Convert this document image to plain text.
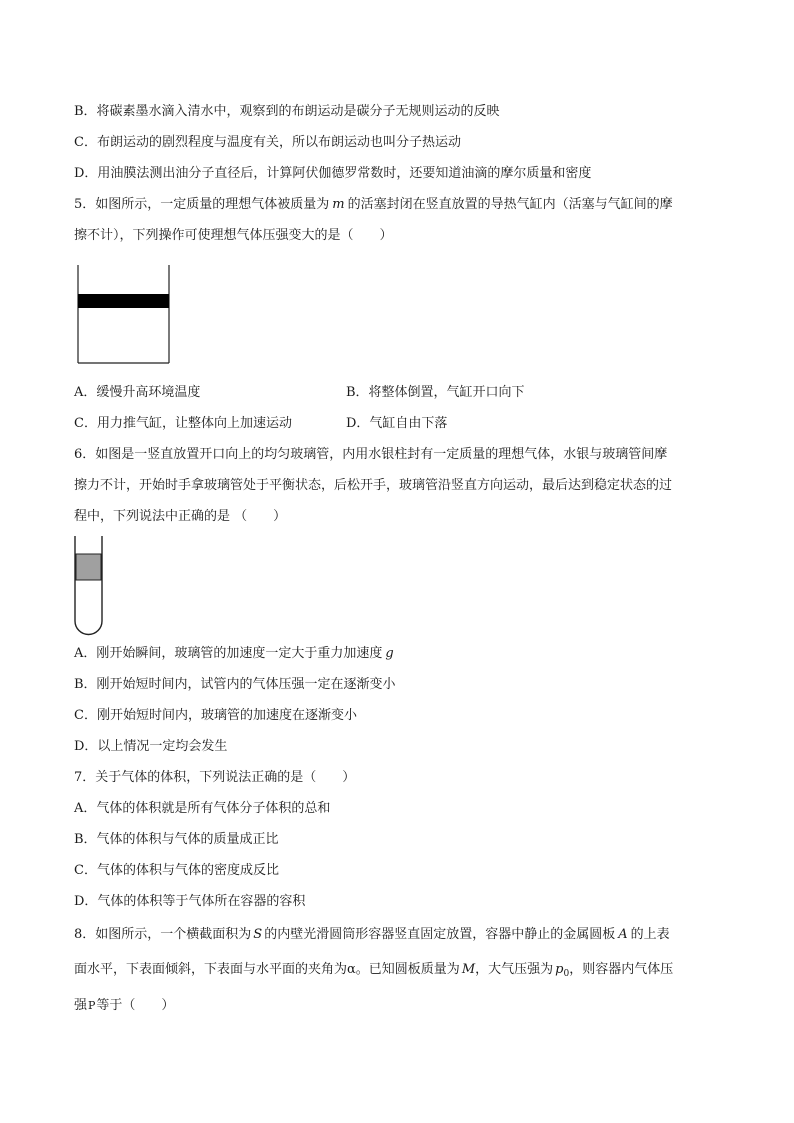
B．将碳素墨水滴入清水中，观察到的布朗运动是碳分子无规则运动的反映
C．布朗运动的剧烈程度与温度有关，所以布朗运动也叫分子热运动
D．用油膜法测出油分子直径后，计算阿伏伽德罗常数时，还要知道油滴的摩尔质量和密度
5．如图所示，一定质量的理想气体被质量为 m 的活塞封闭在竖直放置的导热气缸内（活塞与气缸间的摩
擦不计），下列操作可使理想气体压强变大的是（　　）
A．缓慢升高环境温度	B．将整体倒置，气缸开口向下
C．用力推气缸，让整体向上加速运动	D．气缸自由下落
6．如图是一竖直放置开口向上的均匀玻璃管，内用水银柱封有一定质量的理想气体，水银与玻璃管间摩
擦力不计，开始时手拿玻璃管处于平衡状态，后松开手，玻璃管沿竖直方向运动，最后达到稳定状态的过
程中，下列说法中正确的是 （　　）
A．刚开始瞬间，玻璃管的加速度一定大于重力加速度 g
B．刚开始短时间内，试管内的气体压强一定在逐渐变小
C．刚开始短时间内，玻璃管的加速度在逐渐变小
D．以上情况一定均会发生
7．关于气体的体积，下列说法正确的是（　　）
A．气体的体积就是所有气体分子体积的总和
B．气体的体积与气体的质量成正比
C．气体的体积与气体的密度成反比
D．气体的体积等于气体所在容器的容积
8．如图所示，一个横截面积为 S 的内壁光滑圆筒形容器竖直固定放置，容器中静止的金属圆板 A 的上表
面水平，下表面倾斜，下表面与水平面的夹角为α。已知圆板质量为 M，大气压强为 $p_0$，则容器内气体压
强P等于（　　）
